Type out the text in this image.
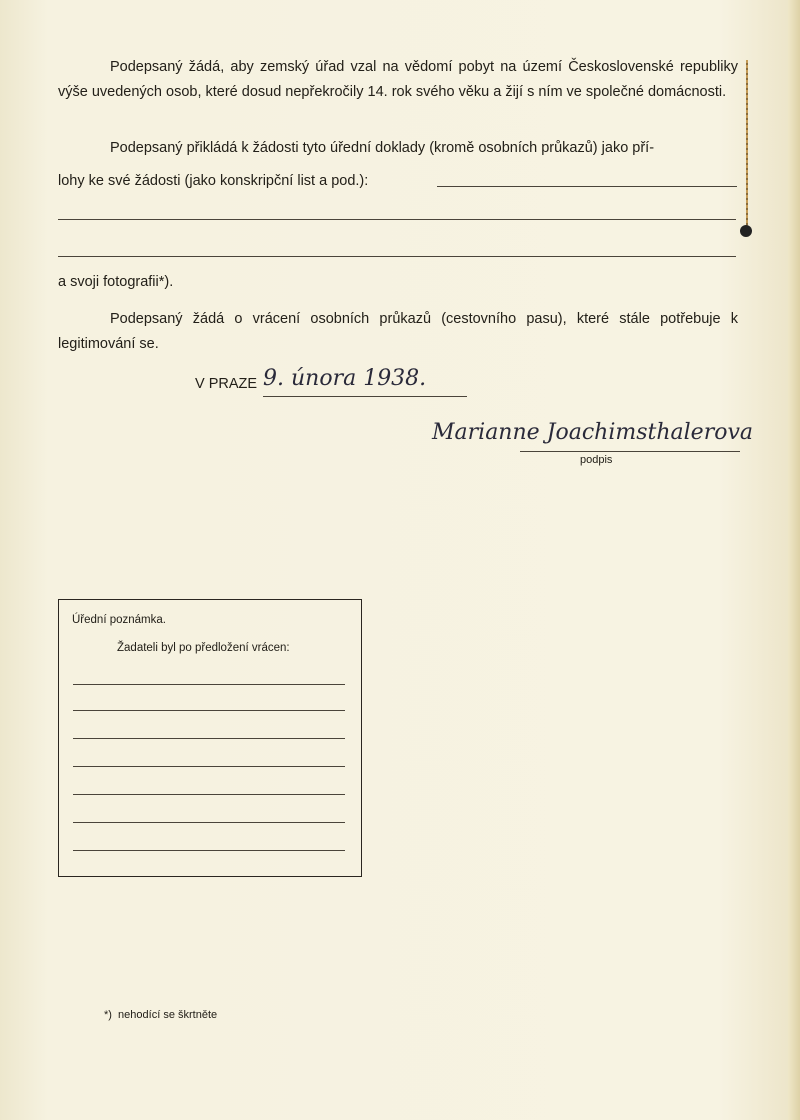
Podepsaný žádá, aby zemský úřad vzal na vědomí pobyt na území Československé republiky výše uvedených osob, které dosud nepřekročily 14. rok svého věku a žijí s ním ve společné domácnosti.
Podepsaný přikládá k žádosti tyto úřední doklady (kromě osobních průkazů) jako pří-
lohy ke své žádosti (jako konskripční list a pod.):
a svoji fotografii*).
Podepsaný žádá o vrácení osobních průkazů (cestovního pasu), které stále potřebuje k legitimování se.
V PRAZE 9. února 1938.
Marianne Joachimsthalerova
podpis
Úřední poznámka.
Žadateli byl po předložení vrácen:
*)  nehodící se škrtněte
